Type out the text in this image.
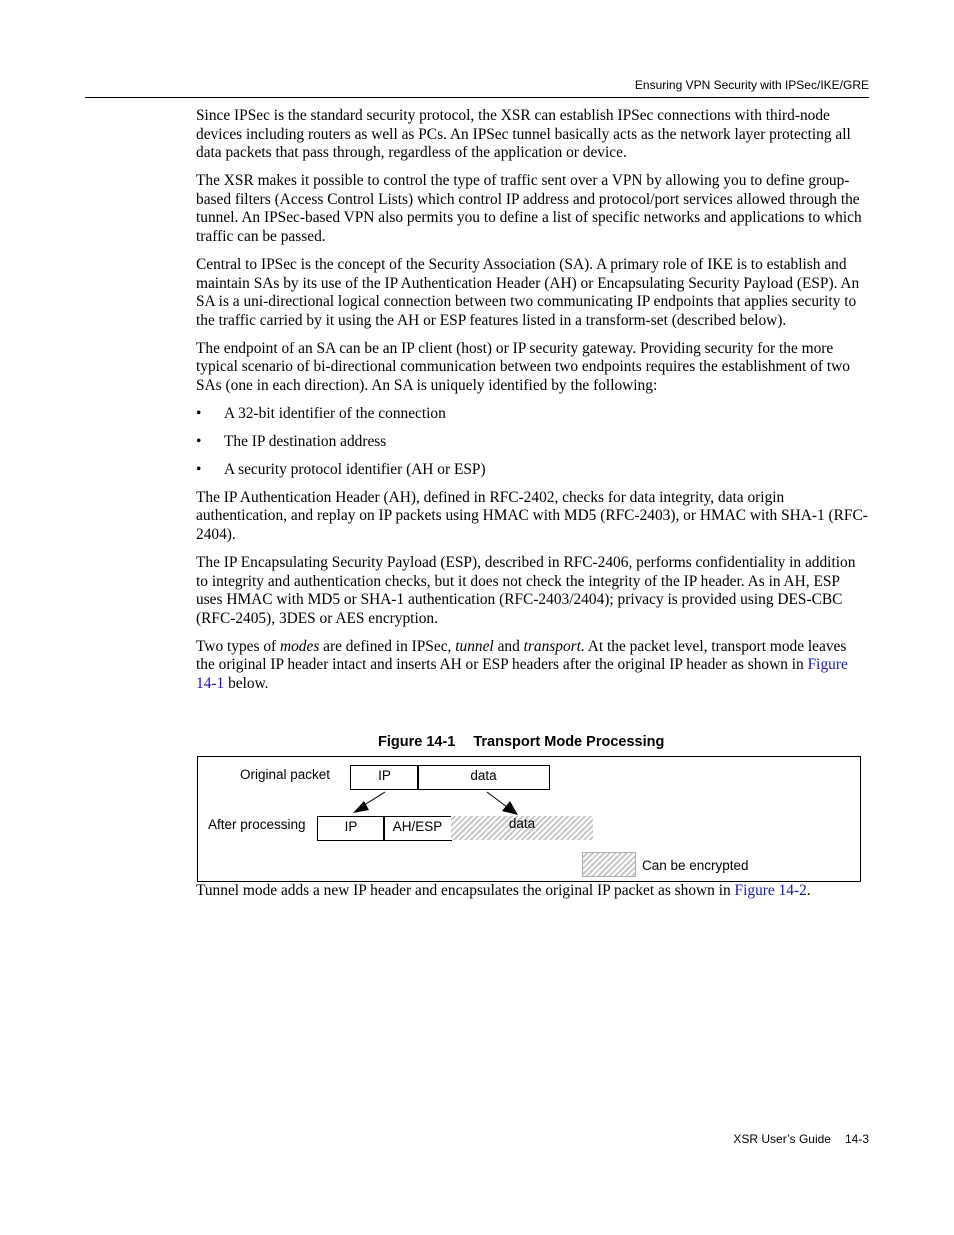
Ensuring VPN Security with IPSec/IKE/GRE

Since IPSec is the standard security protocol, the XSR can establish IPSec connections with third-node devices including routers as well as PCs. An IPSec tunnel basically acts as the network layer protecting all data packets that pass through, regardless of the application or device.

The XSR makes it possible to control the type of traffic sent over a VPN by allowing you to define group-based filters (Access Control Lists) which control IP address and protocol/port services allowed through the tunnel. An IPSec-based VPN also permits you to define a list of specific networks and applications to which traffic can be passed.

Central to IPSec is the concept of the Security Association (SA). A primary role of IKE is to establish and maintain SAs by its use of the IP Authentication Header (AH) or Encapsulating Security Payload (ESP). An SA is a uni-directional logical connection between two communicating IP endpoints that applies security to the traffic carried by it using the AH or ESP features listed in a transform-set (described below).

The endpoint of an SA can be an IP client (host) or IP security gateway. Providing security for the more typical scenario of bi-directional communication between two endpoints requires the establishment of two SAs (one in each direction). An SA is uniquely identified by the following:

• A 32-bit identifier of the connection
• The IP destination address
• A security protocol identifier (AH or ESP)

The IP Authentication Header (AH), defined in RFC-2402, checks for data integrity, data origin authentication, and replay on IP packets using HMAC with MD5 (RFC-2403), or HMAC with SHA-1 (RFC-2404).

The IP Encapsulating Security Payload (ESP), described in RFC-2406, performs confidentiality in addition to integrity and authentication checks, but it does not check the integrity of the IP header. As in AH, ESP uses HMAC with MD5 or SHA-1 authentication (RFC-2403/2404); privacy is provided using DES-CBC (RFC-2405), 3DES or AES encryption.

Two types of modes are defined in IPSec, tunnel and transport. At the packet level, transport mode leaves the original IP header intact and inserts AH or ESP headers after the original IP header as shown in Figure 14-1 below.

Figure 14-1 Transport Mode Processing
Original packet	IP	data
After processing	IP	AH/ESP	data
Can be encrypted

Tunnel mode adds a new IP header and encapsulates the original IP packet as shown in Figure 14-2.

XSR User’s Guide 14-3
